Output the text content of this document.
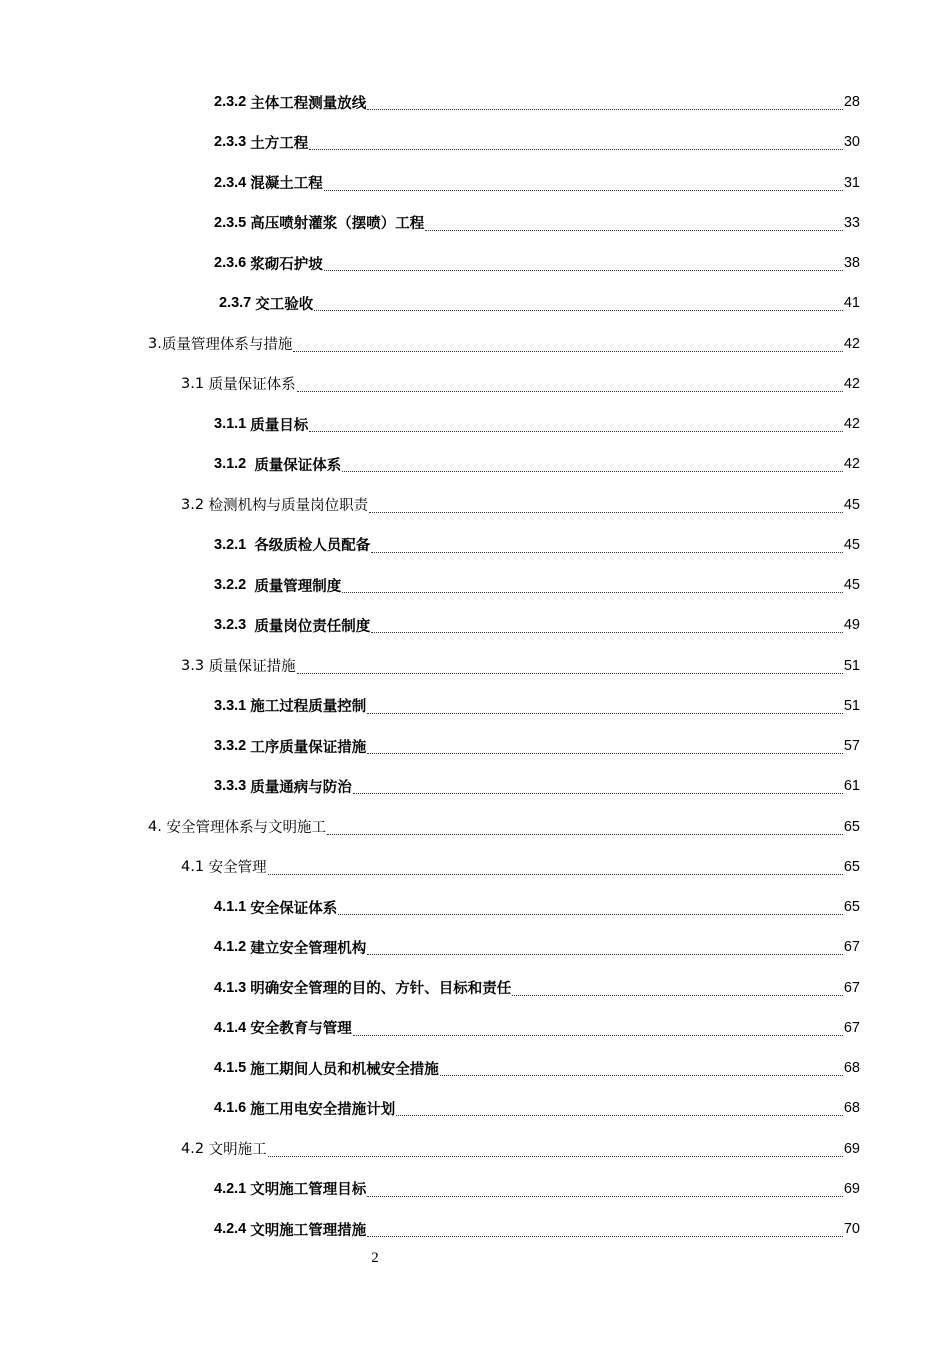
2.3.2 主体工程测量放线	28
2.3.3 土方工程	30
2.3.4 混凝土工程	31
2.3.5 高压喷射灌浆（摆喷）工程	33
2.3.6 浆砌石护坡	38
2.3.7 交工验收	41
3. 质量管理体系与措施	42
3.1 质量保证体系	42
3.1.1 质量目标	42
3.1.2 质量保证体系	42
3.2 检测机构与质量岗位职责	45
3.2.1 各级质检人员配备	45
3.2.2 质量管理制度	45
3.2.3 质量岗位责任制度	49
3.3 质量保证措施	51
3.3.1 施工过程质量控制	51
3.3.2 工序质量保证措施	57
3.3.3 质量通病与防治	61
4. 安全管理体系与文明施工	65
4.1 安全管理	65
4.1.1 安全保证体系	65
4.1.2 建立安全管理机构	67
4.1.3 明确安全管理的目的、方针、目标和责任	67
4.1.4 安全教育与管理	67
4.1.5 施工期间人员和机械安全措施	68
4.1.6 施工用电安全措施计划	68
4.2 文明施工	69
4.2.1 文明施工管理目标	69
4.2.4 文明施工管理措施	70
2
